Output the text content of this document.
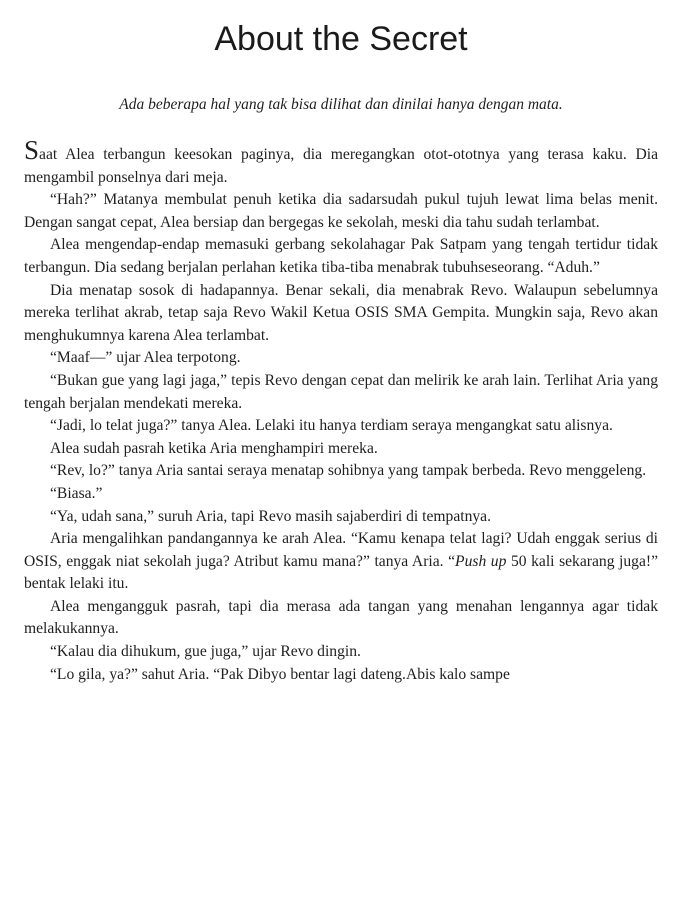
About the Secret

Ada beberapa hal yang tak bisa dilihat dan dinilai hanya dengan mata.

Saat Alea terbangun keesokan paginya, dia meregangkan otot-ototnya yang terasa kaku. Dia mengambil ponselnya dari meja.

“Hah?” Matanya membulat penuh ketika dia sadarsudah pukul tujuh lewat lima belas menit. Dengan sangat cepat, Alea bersiap dan bergegas ke sekolah, meski dia tahu sudah terlambat.

Alea mengendap-endap memasuki gerbang sekolahagar Pak Satpam yang tengah tertidur tidak terbangun. Dia sedang berjalan perlahan ketika tiba-tiba menabrak tubuhseseorang. “Aduh.”

Dia menatap sosok di hadapannya. Benar sekali, dia menabrak Revo. Walaupun sebelumnya mereka terlihat akrab, tetap saja Revo Wakil Ketua OSIS SMA Gempita. Mungkin saja, Revo akan menghukumnya karena Alea terlambat.

“Maaf—” ujar Alea terpotong.

“Bukan gue yang lagi jaga,” tepis Revo dengan cepat dan melirik ke arah lain. Terlihat Aria yang tengah berjalan mendekati mereka.

“Jadi, lo telat juga?” tanya Alea. Lelaki itu hanya terdiam seraya mengangkat satu alisnya.

Alea sudah pasrah ketika Aria menghampiri mereka.

“Rev, lo?” tanya Aria santai seraya menatap sohibnya yang tampak berbeda. Revo menggeleng.

“Biasa.”

“Ya, udah sana,” suruh Aria, tapi Revo masih sajaberdiri di tempatnya.

Aria mengalihkan pandangannya ke arah Alea. “Kamu kenapa telat lagi? Udah enggak serius di OSIS, enggak niat sekolah juga? Atribut kamu mana?” tanya Aria. “Push up 50 kali sekarang juga!” bentak lelaki itu.

Alea mengangguk pasrah, tapi dia merasa ada tangan yang menahan lengannya agar tidak melakukannya.

“Kalau dia dihukum, gue juga,” ujar Revo dingin.

“Lo gila, ya?” sahut Aria. “Pak Dibyo bentar lagi dateng.Abis kalo sampe
